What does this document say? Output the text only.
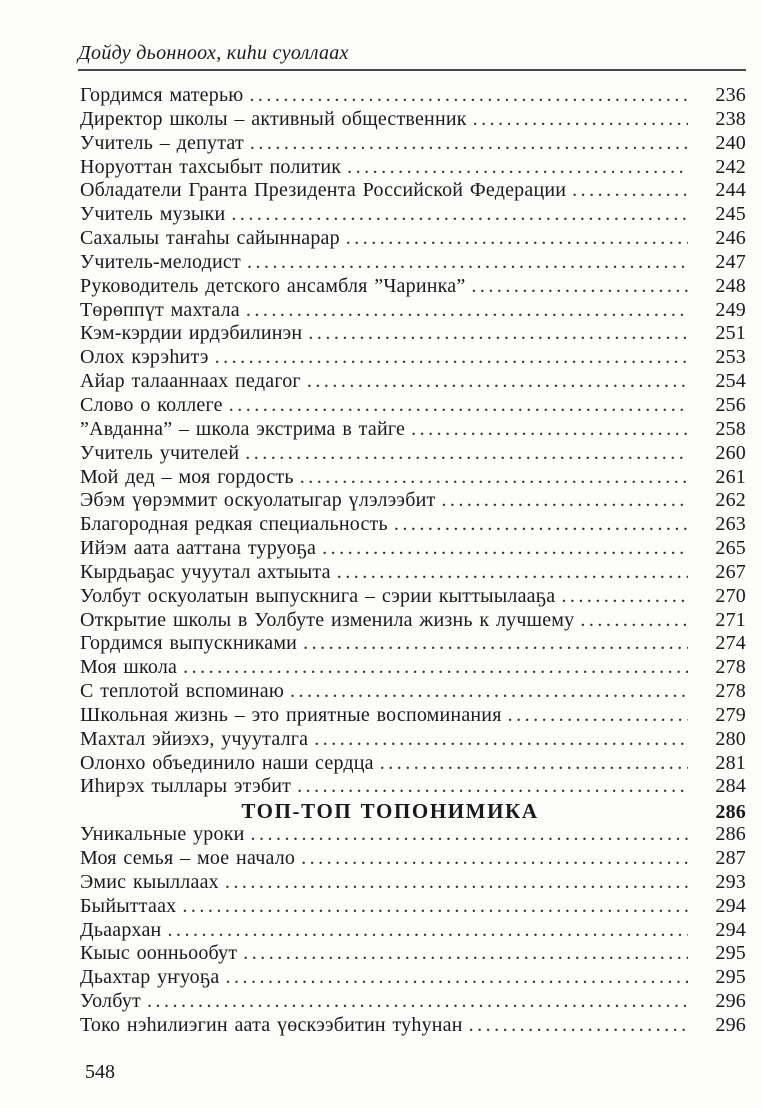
Дойду дьонноох, киһи суоллаах
Гордимся матерью .....	236
Директор школы – активный общественник .....	238
Учитель – депутат .....	240
Норуоттан тахсыбыт политик .....	242
Обладатели Гранта Президента Российской Федерации .....	244
Учитель музыки .....	245
Сахалыы таҥаһы сайыннарар .....	246
Учитель-мелодист .....	247
Руководитель детского ансамбля ”Чаринка” .....	248
Төрөппүт махтала .....	249
Кэм-кэрдии ирдэбилинэн .....	251
Олох кэрэһитэ .....	253
Айар талааннаах педагог .....	254
Слово о коллеге .....	256
”Авданна” – школа экстрима в тайге .....	258
Учитель учителей .....	260
Мой дед – моя гордость .....	261
Эбэм үөрэммит оскуолатыгар үлэлээбит .....	262
Благородная редкая специальность .....	263
Ийэм аата ааттана туруоҕа .....	265
Кырдьаҕас учуутал ахтыыта .....	267
Уолбут оскуолатын выпускнига – сэрии кыттыылааҕа .....	270
Открытие школы в Уолбуте изменила жизнь к лучшему .....	271
Гордимся выпускниками .....	274
Моя школа .....	278
С теплотой вспоминаю .....	278
Школьная жизнь – это приятные воспоминания .....	279
Махтал эйиэхэ, учууталга .....	280
Олонхо объединило наши сердца .....	281
Иһирэх тыллары этэбит .....	284
ТОП-ТОП ТОПОНИМИКА	286
Уникальные уроки .....	286
Моя семья – мое начало .....	287
Эмис кыыллаах .....	293
Быйыттаах .....	294
Дьаархан .....	294
Кыыс оонньообут .....	295
Дьахтар уҥуоҕа .....	295
Уолбут .....	296
Токо нэһилиэгин аата үөскээбитин туһунан .....	296
548
